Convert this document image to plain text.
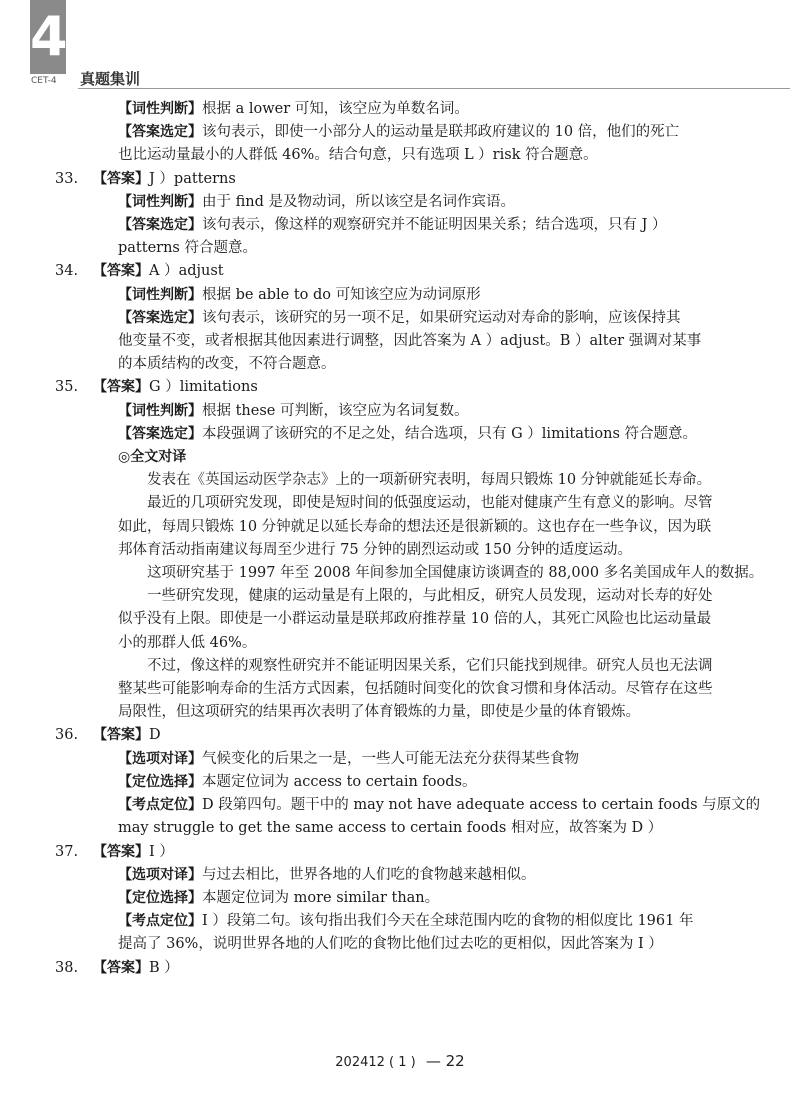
4
CET-4 真题集训

【词性判断】根据 a lower 可知，该空应为单数名词。

【答案选定】该句表示，即使一小部分人的运动量是联邦政府建议的 10 倍，他们的死亡

也比运动量最小的人群低 46%。结合句意，只有选项 L ）risk 符合题意。

33. 【答案】J ）patterns

【词性判断】由于 find 是及物动词，所以该空是名词作宾语。

【答案选定】该句表示，像这样的观察研究并不能证明因果关系；结合选项，只有 J ）

patterns 符合题意。

34. 【答案】A ）adjust

【词性判断】根据 be able to do 可知该空应为动词原形

【答案选定】该句表示，该研究的另一项不足，如果研究运动对寿命的影响，应该保持其

他变量不变，或者根据其他因素进行调整，因此答案为 A ）adjust。B ）alter 强调对某事

的本质结构的改变，不符合题意。

35. 【答案】G ）limitations

【词性判断】根据 these 可判断，该空应为名词复数。

【答案选定】本段强调了该研究的不足之处，结合选项，只有 G ）limitations 符合题意。

◎全文对译

发表在《英国运动医学杂志》上的一项新研究表明，每周只锻炼 10 分钟就能延长寿命。

最近的几项研究发现，即使是短时间的低强度运动，也能对健康产生有意义的影响。尽管

如此，每周只锻炼 10 分钟就足以延长寿命的想法还是很新颖的。这也存在一些争议，因为联

邦体育活动指南建议每周至少进行 75 分钟的剧烈运动或 150 分钟的适度运动。

这项研究基于 1997 年至 2008 年间参加全国健康访谈调查的 88,000 多名美国成年人的数据。

一些研究发现，健康的运动量是有上限的，与此相反，研究人员发现，运动对长寿的好处

似乎没有上限。即使是一小群运动量是联邦政府推荐量 10 倍的人，其死亡风险也比运动量最

小的那群人低 46%。

不过，像这样的观察性研究并不能证明因果关系，它们只能找到规律。研究人员也无法调

整某些可能影响寿命的生活方式因素，包括随时间变化的饮食习惯和身体活动。尽管存在这些

局限性，但这项研究的结果再次表明了体育锻炼的力量，即使是少量的体育锻炼。

36. 【答案】D

【选项对译】气候变化的后果之一是，一些人可能无法充分获得某些食物

【定位选择】本题定位词为 access to certain foods。

【考点定位】D 段第四句。题干中的 may not have adequate access to certain foods 与原文的

may struggle to get the same access to certain foods 相对应，故答案为 D ）

37. 【答案】I ）

【选项对译】与过去相比，世界各地的人们吃的食物越来越相似。

【定位选择】本题定位词为 more similar than。

【考点定位】I ）段第二句。该句指出我们今天在全球范围内吃的食物的相似度比 1961 年

提高了 36%，说明世界各地的人们吃的食物比他们过去吃的更相似，因此答案为 I ）

38. 【答案】B ）

202412 ( 1 ) — 22
